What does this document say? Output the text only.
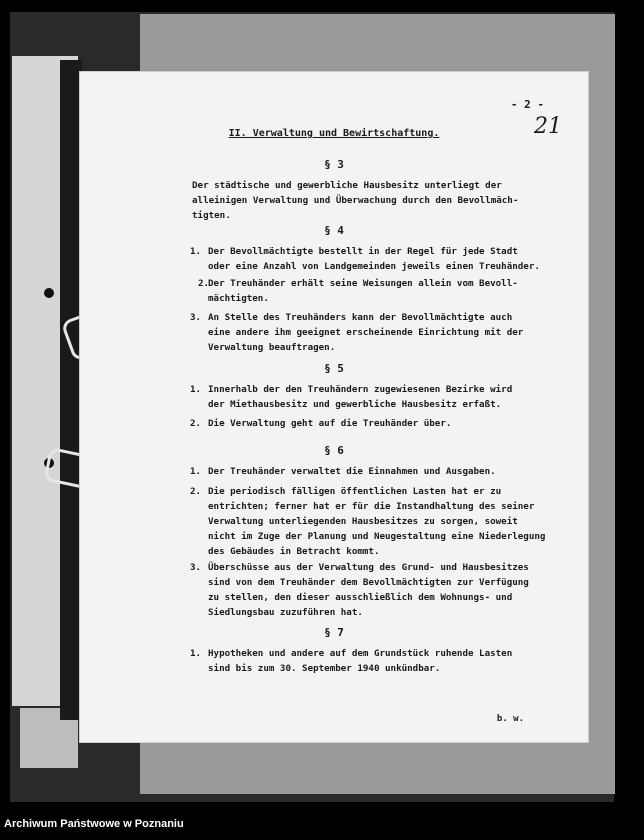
- 2 -
21
II. Verwaltung und Bewirtschaftung.
§ 3
Der städtische und gewerbliche Hausbesitz unterliegt der
alleinigen Verwaltung und Überwachung durch den Bevollmäch-
tigten.
§ 4
1. Der Bevollmächtigte bestellt in der Regel für jede Stadt
oder eine Anzahl von Landgemeinden jeweils einen Treuhänder.
2.
Der Treuhänder erhält seine Weisungen allein vom Bevoll-
mächtigten.
3. An Stelle des Treuhänders kann der Bevollmächtigte auch
eine andere ihm geeignet erscheinende Einrichtung mit der
Verwaltung beauftragen.
§ 5
1. Innerhalb der den Treuhändern zugewiesenen Bezirke wird
der Miethausbesitz und gewerbliche Hausbesitz erfaßt.
2. Die Verwaltung geht auf die Treuhänder über.
§ 6
1. Der Treuhänder verwaltet die Einnahmen und Ausgaben.
2. Die periodisch fälligen öffentlichen Lasten hat er zu
entrichten; ferner hat er für die Instandhaltung des seiner
Verwaltung unterliegenden Hausbesitzes zu sorgen, soweit
nicht im Zuge der Planung und Neugestaltung eine Niederlegung
des Gebäudes in Betracht kommt.
3. Überschüsse aus der Verwaltung des Grund- und Hausbesitzes
sind von dem Treuhänder dem Bevollmächtigten zur Verfügung
zu stellen, den dieser ausschließlich dem Wohnungs- und
Siedlungsbau zuzuführen hat.
§ 7
1. Hypotheken und andere auf dem Grundstück ruhende Lasten
sind bis zum 30. September 1940 unkündbar.
b. w.
Archiwum Państwowe w Poznaniu
